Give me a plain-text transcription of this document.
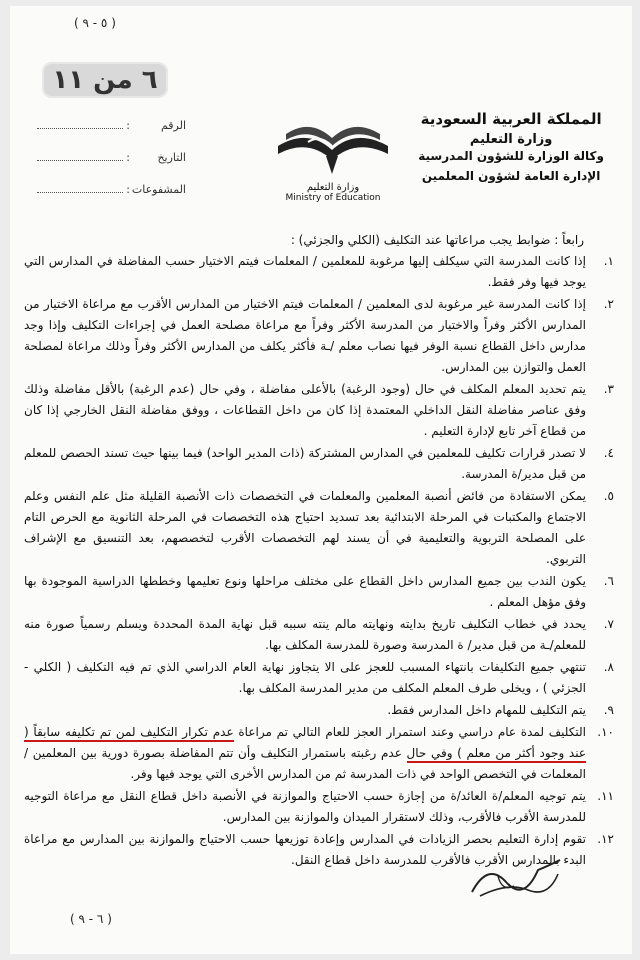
( ٥ - ٩ )
٦ من ١١
المملكة العربية السعودية
وزارة التعليم
وكالة الوزارة للشؤون المدرسية
الإدارة العامة لشؤون المعلمين
وزارة التعليم
Ministry of Education
الرقم:
التاريخ:
المشفوعات:
رابعاً : ضوابط يجب مراعاتها عند التكليف (الكلي والجزئي) :
١.
إذا كانت المدرسة التي سيكلف إليها مرغوبة للمعلمين / المعلمات فيتم الاختيار حسب المفاضلة في المدارس التي يوجد فيها وفر فقط.
٢.
إذا كانت المدرسة غير مرغوبة لدى المعلمين / المعلمات فيتم الاختيار من المدارس الأقرب مع مراعاة الاختيار من المدارس الأكثر وفراً والاختيار من المدرسة الأكثر وفراً مع مراعاة مصلحة العمل في إجراءات التكليف وإذا وجد مدارس داخل القطاع نسبة الوفر فيها نصاب معلم /ـة فأكثر يكلف من المدارس الأكثر وفراً وذلك مراعاة لمصلحة العمل والتوازن بين المدارس.
٣.
يتم تحديد المعلم المكلف في حال (وجود الرغبة) بالأعلى مفاضلة ، وفي حال (عدم الرغبة) بالأقل مفاضلة وذلك وفق عناصر مفاضلة النقل الداخلي المعتمدة إذا كان من داخل القطاعات ، ووفق مفاضلة النقل الخارجي إذا كان من قطاع آخر تابع لإدارة التعليم .
٤.
لا تصدر قرارات تكليف للمعلمين في المدارس المشتركة (ذات المدير الواحد) فيما بينها حيث تسند الحصص للمعلم من قبل مدير/ة المدرسة.
٥.
يمكن الاستفادة من فائض أنصبة المعلمين والمعلمات في التخصصات ذات الأنصبة القليلة مثل علم النفس وعلم الاجتماع والمكتبات في المرحلة الابتدائية بعد تسديد احتياج هذه التخصصات في المرحلة الثانوية مع الحرص التام على المصلحة التربوية والتعليمية في أن يسند لهم التخصصات الأقرب لتخصصهم، بعد التنسيق مع الإشراف التربوي.
٦.
يكون الندب بين جميع المدارس داخل القطاع على مختلف مراحلها ونوع تعليمها وخططها الدراسية الموجودة بها وفق مؤهل المعلم .
٧.
يحدد في خطاب التكليف تاريخ بدايته ونهايته مالم ينته سببه قبل نهاية المدة المحددة ويسلم رسمياً صورة منه للمعلم/ـة من قبل مدير/ ة المدرسة وصورة للمدرسة المكلف بها.
٨.
تنتهي جميع التكليفات بانتهاء المسبب للعجز على الا يتجاوز نهاية العام الدراسي الذي تم فيه التكليف ( الكلي - الجزئي ) ، ويخلى طرف المعلم المكلف من مدير المدرسة المكلف بها.
٩.
يتم التكليف للمهام داخل المدارس فقط.
١٠.
التكليف لمدة عام دراسي وعند استمرار العجز للعام التالي تم مراعاة عدم تكرار التكليف لمن تم تكليفه سابقاً ( عند وجود أكثر من معلم ) وفي حال عدم رغبته باستمرار التكليف وأن تتم المفاضلة بصورة دورية بين المعلمين / المعلمات في التخصص الواحد في ذات المدرسة ثم من المدارس الأخرى التي يوجد فيها وفر.
١١.
يتم توجيه المعلم/ة العائد/ة من إجازة حسب الاحتياج والموازنة في الأنصبة داخل قطاع النقل مع مراعاة التوجيه للمدرسة الأقرب فالأقرب، وذلك لاستقرار الميدان والموازنة بين المدارس.
١٢.
تقوم إدارة التعليم بحصر الزيادات في المدارس وإعادة توزيعها حسب الاحتياج والموازنة بين المدارس مع مراعاة البدء بالمدارس الأقرب فالأقرب للمدرسة داخل قطاع النقل.
( ٦ - ٩ )
